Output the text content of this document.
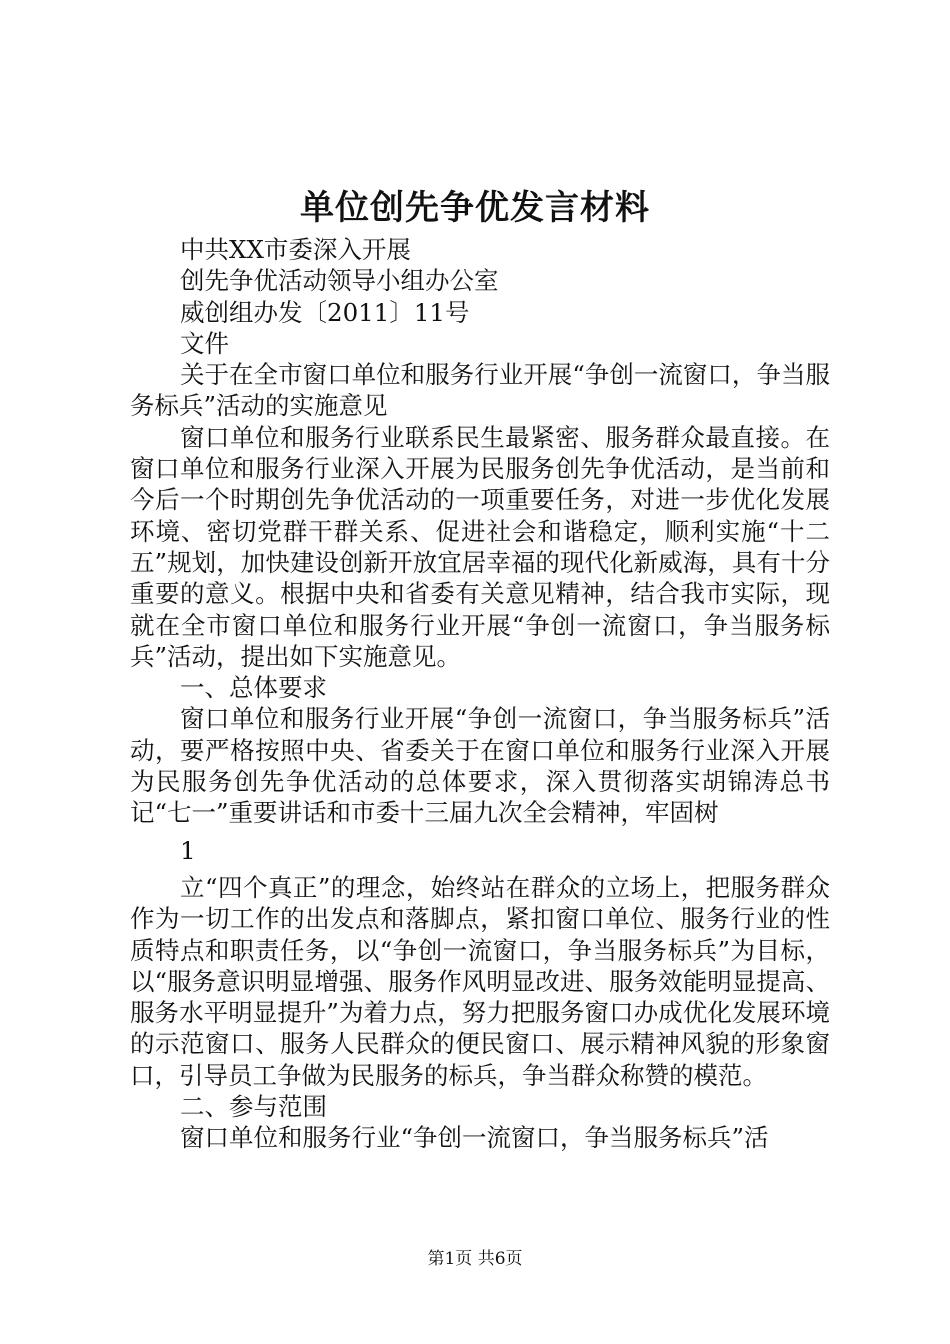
单位创先争优发言材料
中共XX市委深入开展
创先争优活动领导小组办公室
威创组办发〔2011〕11号
文件
关于在全市窗口单位和服务行业开展“争创一流窗口，争当服务标兵”活动的实施意见
窗口单位和服务行业联系民生最紧密、服务群众最直接。在窗口单位和服务行业深入开展为民服务创先争优活动，是当前和今后一个时期创先争优活动的一项重要任务，对进一步优化发展环境、密切党群干群关系、促进社会和谐稳定，顺利实施“十二五”规划，加快建设创新开放宜居幸福的现代化新威海，具有十分重要的意义。根据中央和省委有关意见精神，结合我市实际，现就在全市窗口单位和服务行业开展“争创一流窗口，争当服务标兵”活动，提出如下实施意见。
一、总体要求
窗口单位和服务行业开展“争创一流窗口，争当服务标兵”活动，要严格按照中央、省委关于在窗口单位和服务行业深入开展为民服务创先争优活动的总体要求，深入贯彻落实胡锦涛总书记“七一”重要讲话和市委十三届九次全会精神，牢固树
1
立“四个真正”的理念，始终站在群众的立场上，把服务群众作为一切工作的出发点和落脚点，紧扣窗口单位、服务行业的性质特点和职责任务，以“争创一流窗口，争当服务标兵”为目标，以“服务意识明显增强、服务作风明显改进、服务效能明显提高、服务水平明显提升”为着力点，努力把服务窗口办成优化发展环境的示范窗口、服务人民群众的便民窗口、展示精神风貌的形象窗口，引导员工争做为民服务的标兵，争当群众称赞的模范。
二、参与范围
窗口单位和服务行业“争创一流窗口，争当服务标兵”活
第1页 共6页
